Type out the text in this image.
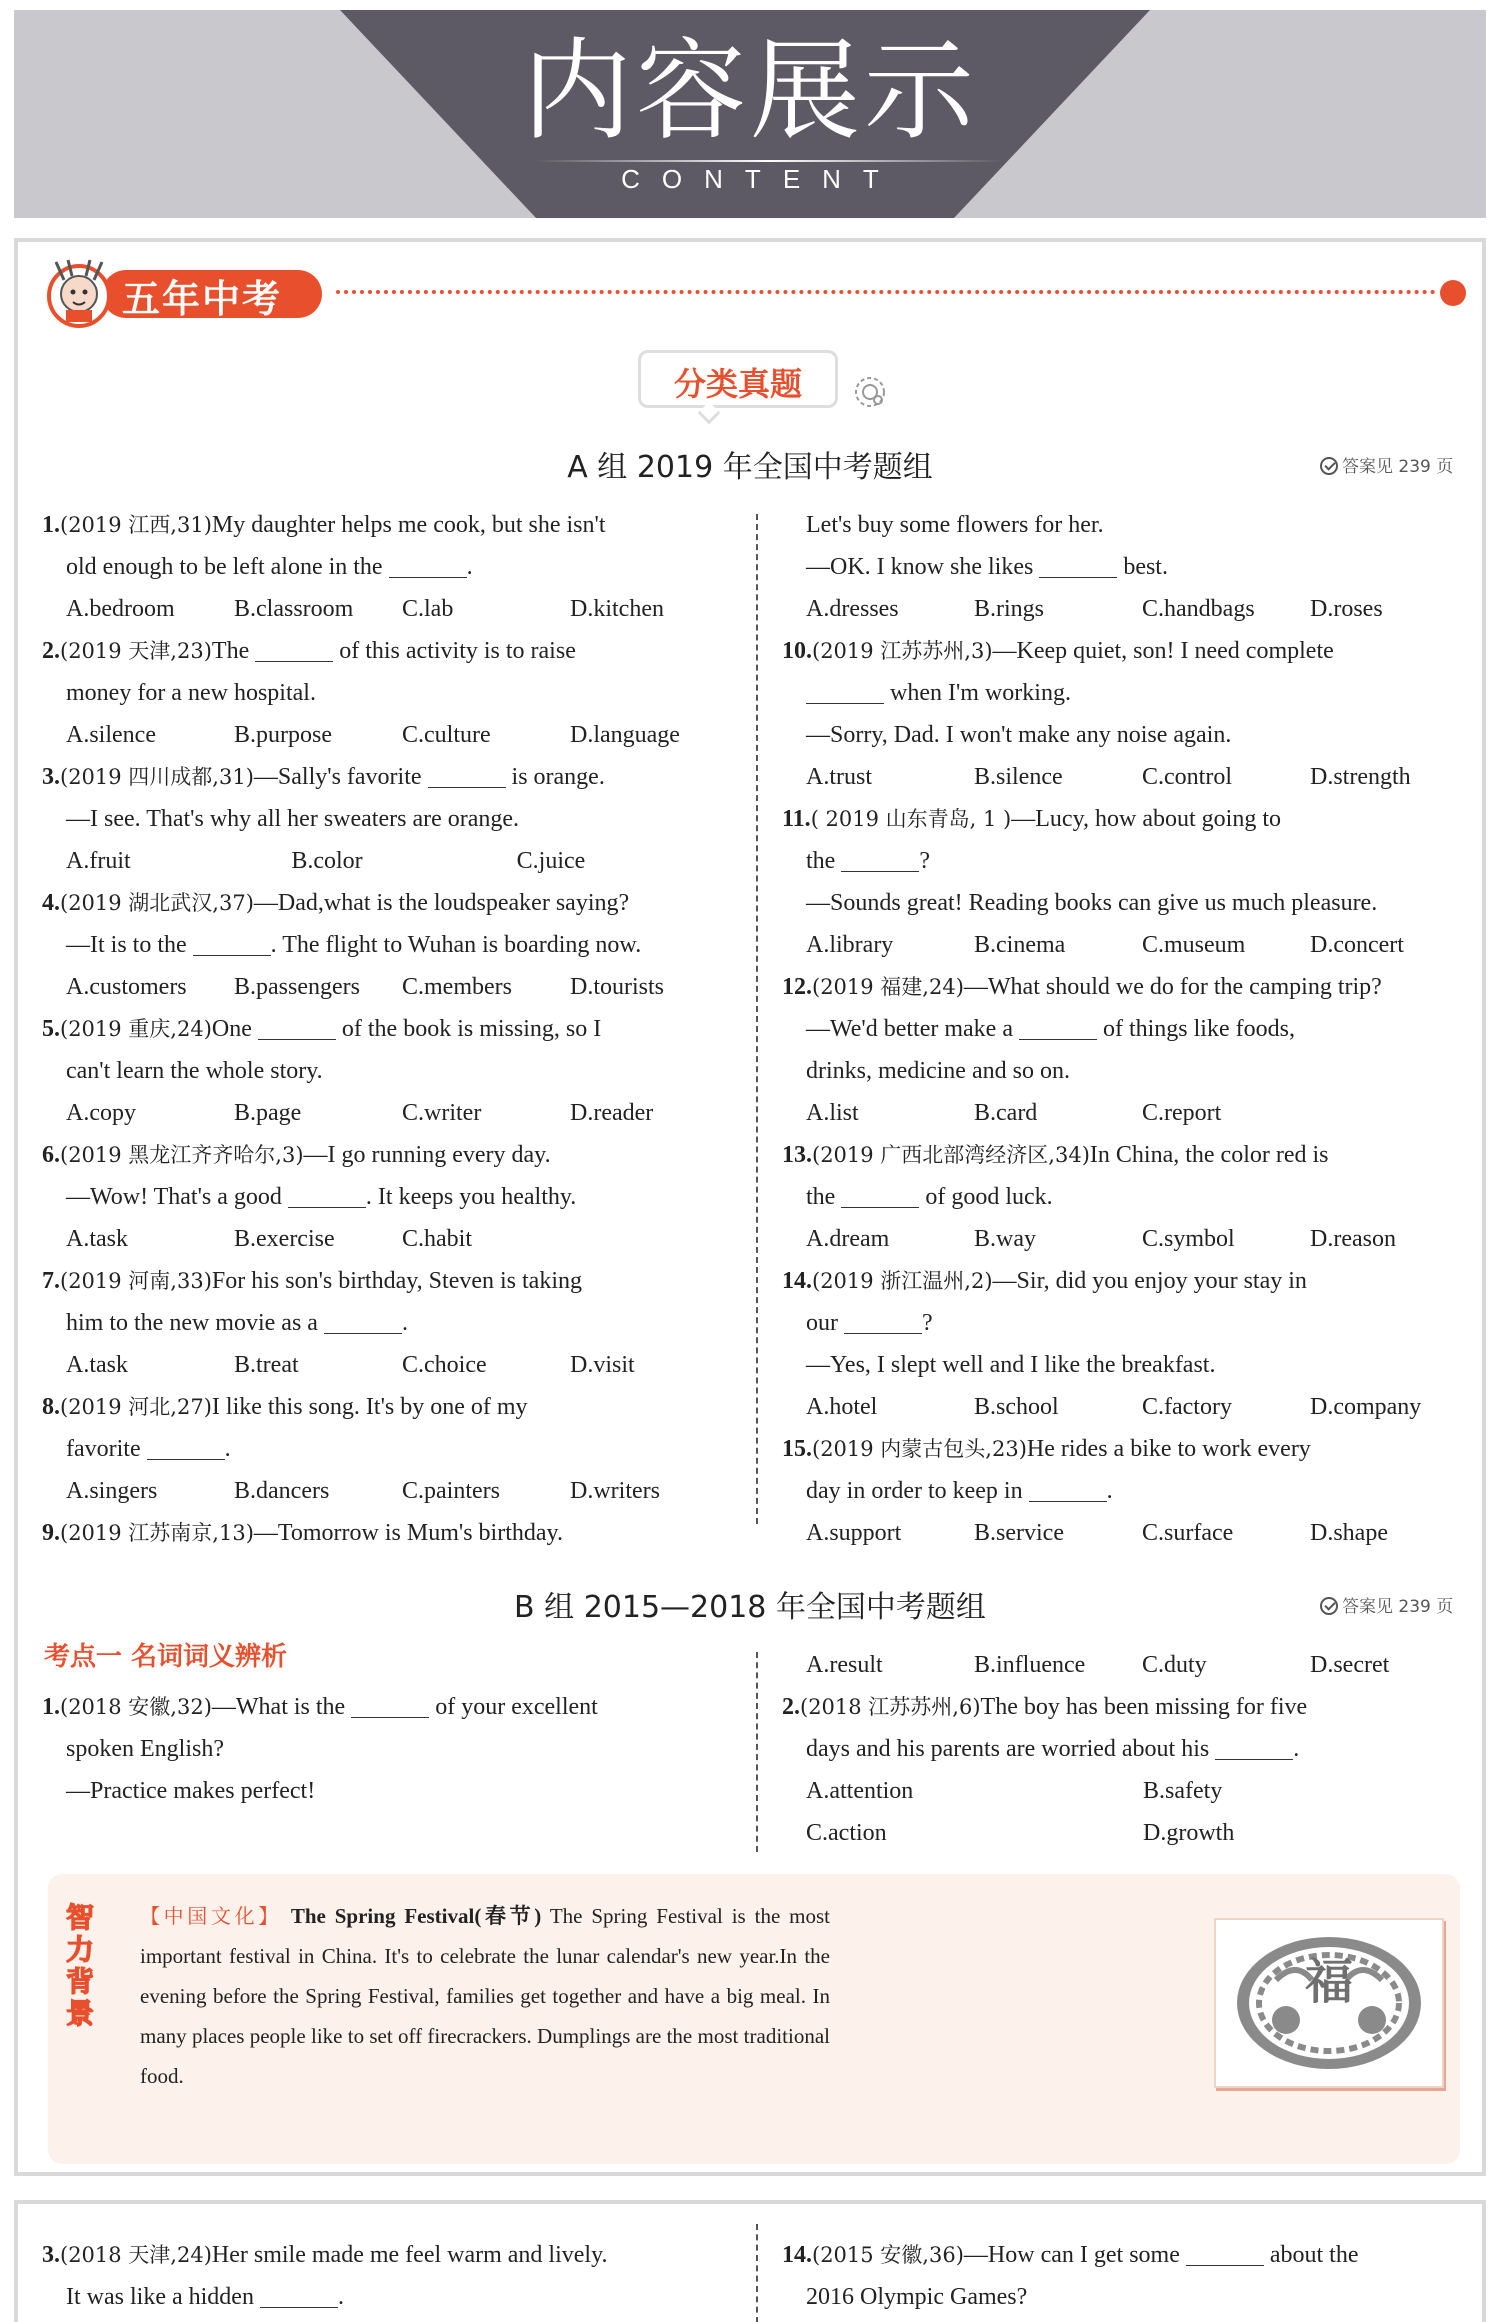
内容展示
CONTENT
五年中考
分类真题
A 组 2019 年全国中考题组	答案见 239 页
1.(2019 江西,31)My daughter helps me cook, but she isn't
old enough to be left alone in the	.
A.bedroom	B.classroom	C.lab	D.kitchen
2.(2019 天津,23)The	of this activity is to raise
money for a new hospital.
A.silence	B.purpose	C.culture	D.language
3.(2019 四川成都,31)—Sally's favorite	is orange.
—I see. That's why all her sweaters are orange.
A.fruit	B.color	C.juice
4.(2019 湖北武汉,37)—Dad,what is the loudspeaker saying?
—It is to the	. The flight to Wuhan is boarding now.
A.customers	B.passengers	C.members	D.tourists
5.(2019 重庆,24)One	of the book is missing, so I
can't learn the whole story.
A.copy	B.page	C.writer	D.reader
6.(2019 黑龙江齐齐哈尔,3)—I go running every day.
—Wow! That's a good	. It keeps you healthy.
A.task	B.exercise	C.habit
7.(2019 河南,33)For his son's birthday, Steven is taking
him to the new movie as a	.
A.task	B.treat	C.choice	D.visit
8.(2019 河北,27)I like this song. It's by one of my
favorite	.
A.singers	B.dancers	C.painters	D.writers
9.(2019 江苏南京,13)—Tomorrow is Mum's birthday.
Let's buy some flowers for her.
—OK. I know she likes	best.
A.dresses	B.rings	C.handbags	D.roses
10.(2019 江苏苏州,3)—Keep quiet, son! I need complete
when I'm working.
—Sorry, Dad. I won't make any noise again.
A.trust	B.silence	C.control	D.strength
11.( 2019 山东青岛, 1 )—Lucy, how about going to
the	?
—Sounds great! Reading books can give us much pleasure.
A.library	B.cinema	C.museum	D.concert
12.(2019 福建,24)—What should we do for the camping trip?
—We'd better make a	of things like foods,
drinks, medicine and so on.
A.list	B.card	C.report
13.(2019 广西北部湾经济区,34)In China, the color red is
the	of good luck.
A.dream	B.way	C.symbol	D.reason
14.(2019 浙江温州,2)—Sir, did you enjoy your stay in
our	?
—Yes, I slept well and I like the breakfast.
A.hotel	B.school	C.factory	D.company
15.(2019 内蒙古包头,23)He rides a bike to work every
day in order to keep in	.
A.support	B.service	C.surface	D.shape
B 组 2015—2018 年全国中考题组	答案见 239 页
考点一 名词词义辨析
1.(2018 安徽,32)—What is the	of your excellent
spoken English?
—Practice makes perfect!
A.result	B.influence	C.duty	D.secret
2.(2018 江苏苏州,6)The boy has been missing for five
days and his parents are worried about his	.
A.attention	B.safety
C.action	D.growth
智力背景
【中国文化】 The Spring Festival(春节) The Spring Festival is the most important festival in China. It's to celebrate the lunar calendar's new year.In the evening before the Spring Festival, families get together and have a big meal. In many places people like to set off firecrackers. Dumplings are the most traditional food.
福
3.(2018 天津,24)Her smile made me feel warm and lively.
It was like a hidden	.
14.(2015 安徽,36)—How can I get some	about the
2016 Olympic Games?
